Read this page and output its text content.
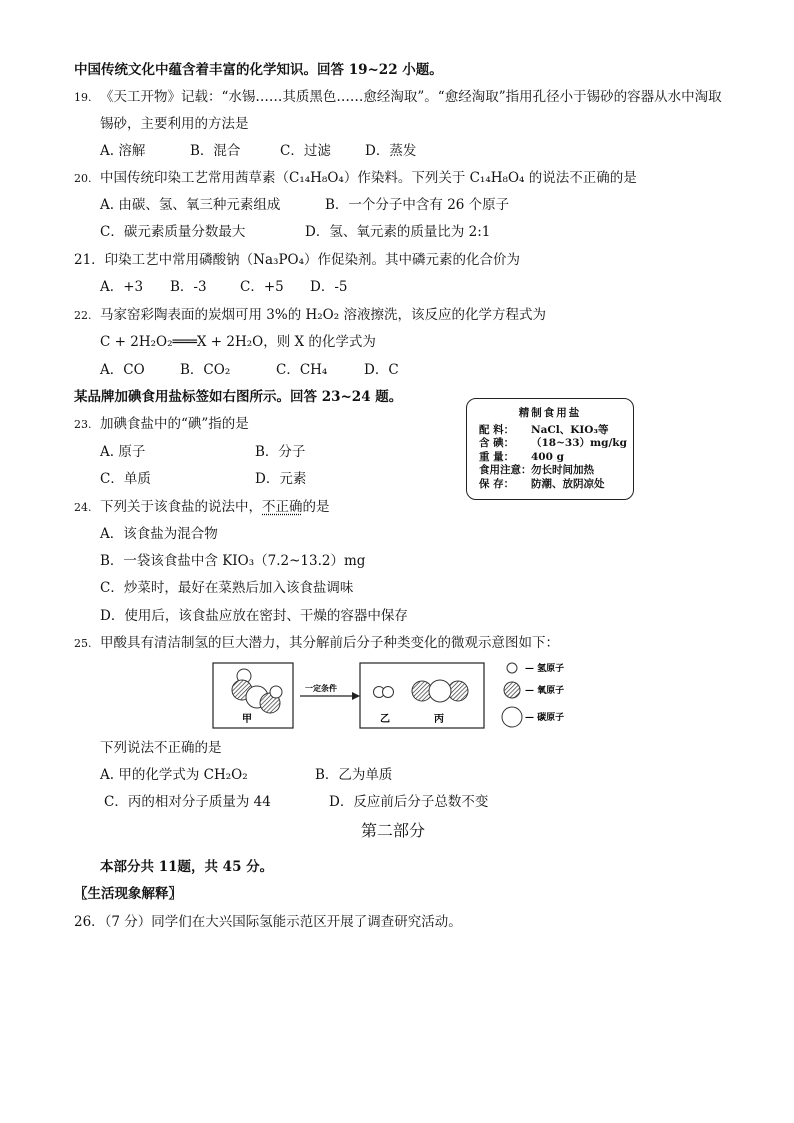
中国传统文化中蕴含着丰富的化学知识。回答 19~22 小题。
19. 《天工开物》记载：“水锡……其质黑色……愈经淘取”。“愈经淘取”指用孔径小于锡砂的容器从水中淘取
锡砂，主要利用的方法是
A. 溶解	B．混合	C．过滤	D．蒸发
20. 中国传统印染工艺常用茜草素（C₁₄H₈O₄）作染料。下列关于 C₁₄H₈O₄ 的说法不正确的是
A. 由碳、氢、氧三种元素组成	B．一个分子中含有 26 个原子
C．碳元素质量分数最大	D．氢、氧元素的质量比为 2:1
21．印染工艺中常用磷酸钠（Na₃PO₄）作促染剂。其中磷元素的化合价为
A．+3 B．-3 C．+5 D．-5
22. 马家窑彩陶表面的炭烟可用 3%的 H₂O₂ 溶液擦洗，该反应的化学方程式为
C + 2H₂O₂═══X + 2H₂O，则 X 的化学式为
A．CO	B．CO₂	C．CH₄	D．C
某品牌加碘食用盐标签如右图所示。回答 23~24 题。
精制食用盐
配 料： NaCl、KIO₃等
含 碘： （18~33）mg/kg
重 量： 400 g
食用注意：勿长时间加热
保 存： 防潮、放阴凉处
23. 加碘食盐中的“碘”指的是
A. 原子	B．分子
C．单质	D．元素
24. 下列关于该食盐的说法中，不正确的是
A．该食盐为混合物
B．一袋该食盐中含 KIO₃（7.2~13.2）mg
C．炒菜时，最好在菜熟后加入该食盐调味
D．使用后，该食盐应放在密封、干燥的容器中保存
25. 甲酸具有清洁制氢的巨大潜力，其分解前后分子种类变化的微观示意图如下：
甲
一定条件
乙	丙
— 氢原子
— 氧原子
— 碳原子
下列说法不正确的是
A. 甲的化学式为 CH₂O₂	B．乙为单质
C．丙的相对分子质量为 44	D．反应前后分子总数不变
第二部分
本部分共 11题，共 45 分。
〖生活现象解释〗
26．（7 分）同学们在大兴国际氢能示范区开展了调查研究活动。
